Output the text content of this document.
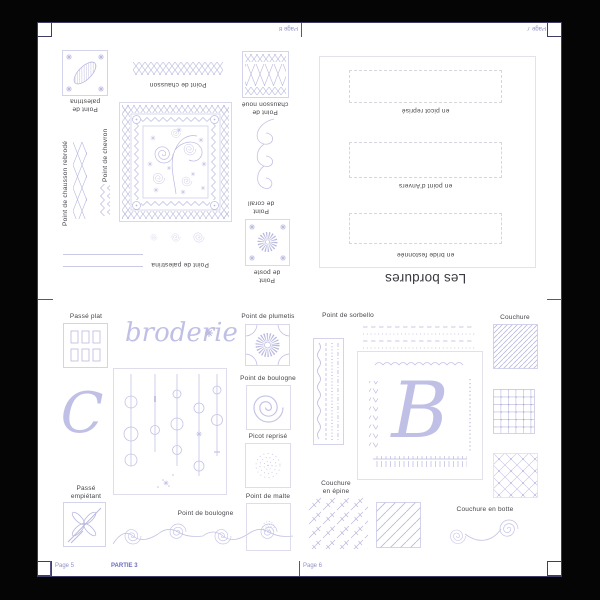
Page 8	Page 7
Page 5	PARTIE 3	Page 6
Point de
palestrina
Point de chausson
Point de
chausson noué
Point de chevron
Point de chausson rebrodé
Point de palestrina
Point
de corail
Point
de poste
en picot reprisé
en point d'Anvers
en bride festonnée
Les bordures
Passé plat
broderie
C
Passé
empiétant
Point de boulogne
Point de plumetis
Point de boulogne
Picot reprisé
Point de malte
Point de sorbello
B
Couchure
Couchure
en épine
Couchure en botte
